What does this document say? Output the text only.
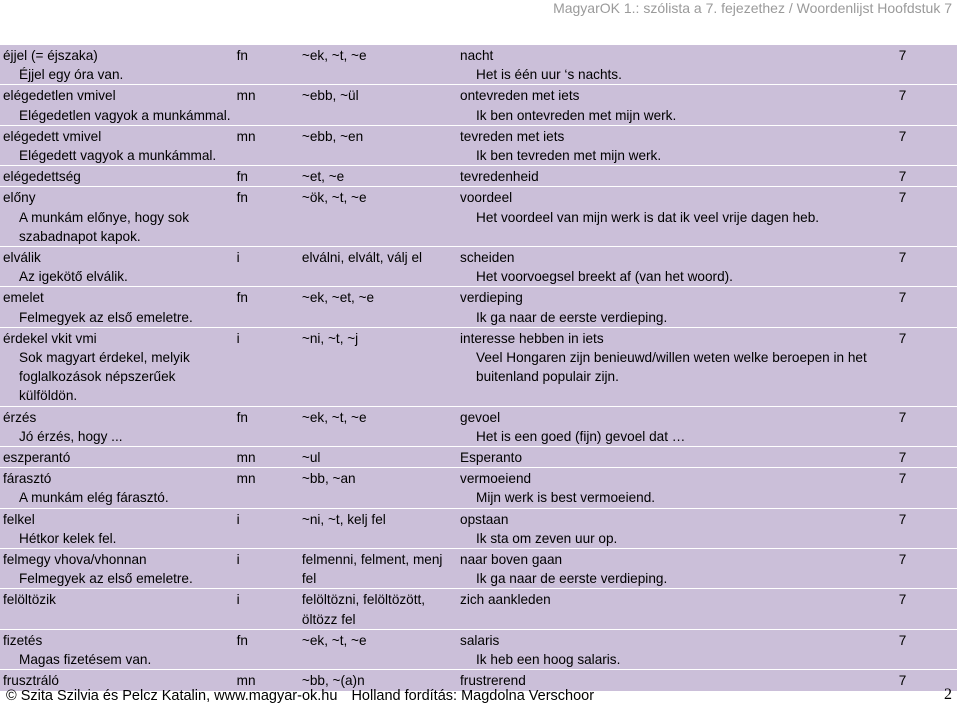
MagyarOK 1.: szólista a 7. fejezethez / Woordenlijst Hoofdstuk 7
éjjel (= éjszaka)
Éjjel egy óra van.	fn	~ek, ~t, ~e	nacht
Het is één uur ‘s nachts.	7

elégedetlen vmivel
Elégedetlen vagyok a munkámmal.	mn	~ebb, ~ül	ontevreden met iets
Ik ben ontevreden met mijn werk.	7

elégedett vmivel
Elégedett vagyok a munkámmal.	mn	~ebb, ~en	tevreden met iets
Ik ben tevreden met mijn werk.	7

elégedettség	fn	~et, ~e	tevredenheid	7

előny
A munkám előnye, hogy sok szabadnapot kapok.	fn	~ök, ~t, ~e	voordeel
Het voordeel van mijn werk is dat ik veel vrije dagen heb.	7

elválik
Az igekötő elválik.	i	elválni, elvált, válj el	scheiden
Het voorvoegsel breekt af (van het woord).	7

emelet
Felmegyek az első emeletre.	fn	~ek, ~et, ~e	verdieping
Ik ga naar de eerste verdieping.	7

érdekel vkit vmi
Sok magyart érdekel, melyik foglalkozások népszerűek külföldön.	i	~ni, ~t, ~j	interesse hebben in iets
Veel Hongaren zijn benieuwd/willen weten welke beroepen in het buitenland populair zijn.	7

érzés
Jó érzés, hogy ...	fn	~ek, ~t, ~e	gevoel
Het is een goed (fijn) gevoel dat …	7

eszperantó	mn	~ul	Esperanto	7

fárasztó
A munkám elég fárasztó.	mn	~bb, ~an	vermoeiend
Mijn werk is best vermoeiend.	7

felkel
Hétkor kelek fel.	i	~ni, ~t, kelj fel	opstaan
Ik sta om zeven uur op.	7

felmegy vhova/vhonnan
Felmegyek az első emeletre.	i	felmenni, felment, menj fel	naar boven gaan
Ik ga naar de eerste verdieping.	7

felöltözik	i	felöltözni, felöltözött, öltözz fel	zich aankleden	7

fizetés
Magas fizetésem van.	fn	~ek, ~t, ~e	salaris
Ik heb een hoog salaris.	7

frusztráló	mn	~bb, ~(a)n	frustrerend	7
© Szita Szilvia és Pelcz Katalin, www.magyar-ok.hu Holland fordítás: Magdolna Verschoor	2
